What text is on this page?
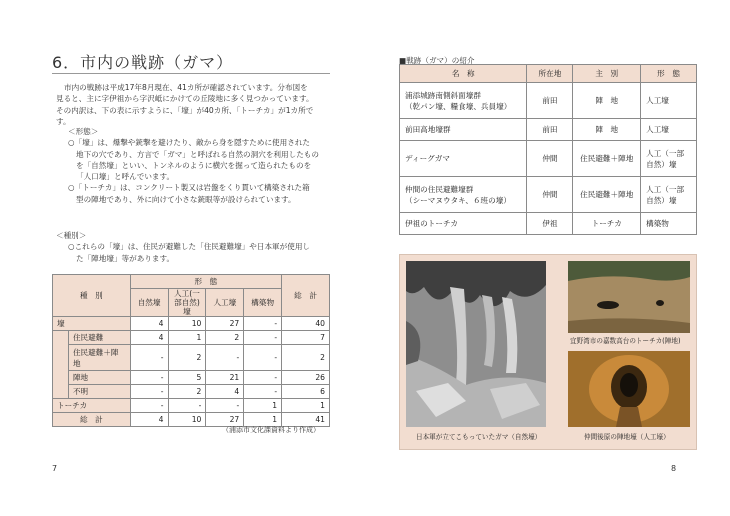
6．市内の戦跡（ガマ）
市内の戦跡は平成17年8月現在、41カ所が確認されています。分布図を
見ると、主に字伊祖から字沢岻にかけての丘陵地に多く見つかっています。
その内訳は、下の表に示すように、「壕」が40カ所、「トーチカ」が1カ所で
す。
＜形態＞
○「壕」は、爆撃や銃撃を避けたり、敵から身を隠すために使用された
地下の穴であり、方言で「ガマ」と呼ばれる自然の洞穴を利用したもの
を「自然壕」といい、トンネルのように横穴を掘って造られたものを
「人口壕」と呼んでいます。
○「トーチカ」は、コンクリート製又は岩盤をくり貫いて構築された箱
型の陣地であり、外に向けて小さな銃眼等が設けられています。
＜種別＞
○これらの「壕」は、住民が避難した「住民避難壕」や日本軍が使用し
た「陣地壕」等があります。
種　別		形　態				総　計
		自然壕	人工(一部自然)壕	人工壕	構築物	
壕		4	10	27	-	40
	住民避難	4	1	2	-	7
	住民避難＋陣地	-	2	-	-	2
	陣地	-	5	21	-	26
	不明	-	2	4	-	6
トーチカ		-	-	-	1	1
総　計		4	10	27	1	41
（浦添市文化課資料より作成）
7
■戦跡（ガマ）の紹介
名　称	所在地	主　別	形　態
浦添城跡南側斜面壕群
（乾パン壕、糧食壕、兵員壕）	前田	陣　地	人工壕
前田高地壕群	前田	陣　地	人工壕
ディーグガマ	仲間	住民避難＋陣地	人工（一部
自然）壕
仲間の住民避難壕群
（シーマヌウタキ、６班の壕）	仲間	住民避難＋陣地	人工（一部
自然）壕
伊祖のトーチカ	伊祖	トーチカ	構築物
日本軍が立てこもっていたガマ（自然壕）
宜野湾市の嘉数高台のトーチカ(陣地)
仲間後原の陣地壕（人工壕）
8
